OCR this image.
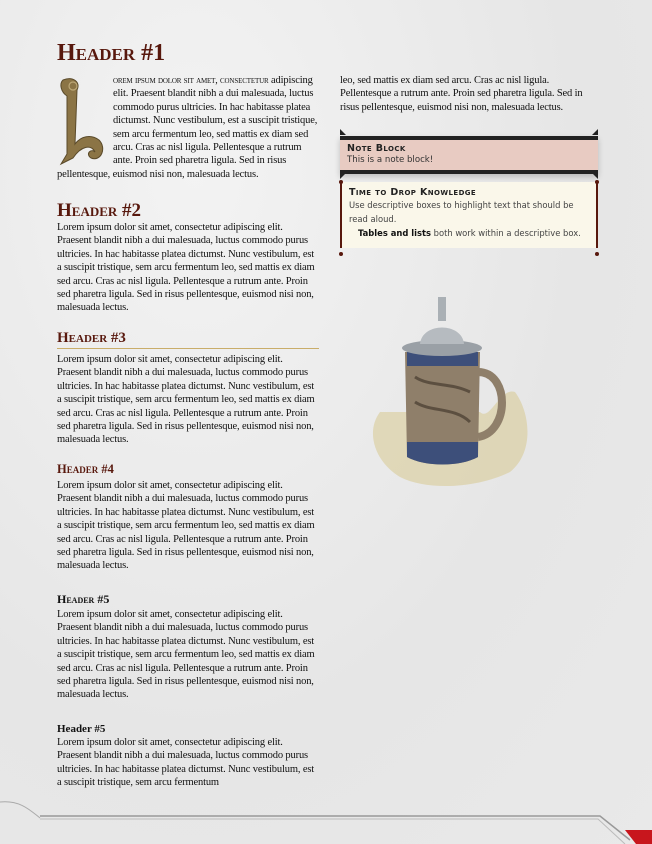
Header #1

orem ipsum dolor sit amet, consectetur adipiscing elit. Praesent blandit nibh a dui malesuada, luctus commodo purus ultricies. In hac habitasse platea dictumst. Nunc vestibulum, est a suscipit tristique, sem arcu fermentum leo, sed mattis ex diam sed arcu. Cras ac nisl ligula. Pellentesque a rutrum ante. Proin sed pharetra ligula. Sed in risus pellentesque, euismod nisi non, malesuada lectus.

Header #2

Lorem ipsum dolor sit amet, consectetur adipiscing elit. Praesent blandit nibh a dui malesuada, luctus commodo purus ultricies. In hac habitasse platea dictumst. Nunc vestibulum, est a suscipit tristique, sem arcu fermentum leo, sed mattis ex diam sed arcu. Cras ac nisl ligula. Pellentesque a rutrum ante. Proin sed pharetra ligula. Sed in risus pellentesque, euismod nisi non, malesuada lectus.

Header #3

Lorem ipsum dolor sit amet, consectetur adipiscing elit. Praesent blandit nibh a dui malesuada, luctus commodo purus ultricies. In hac habitasse platea dictumst. Nunc vestibulum, est a suscipit tristique, sem arcu fermentum leo, sed mattis ex diam sed arcu. Cras ac nisl ligula. Pellentesque a rutrum ante. Proin sed pharetra ligula. Sed in risus pellentesque, euismod nisi non, malesuada lectus.

Header #4

Lorem ipsum dolor sit amet, consectetur adipiscing elit. Praesent blandit nibh a dui malesuada, luctus commodo purus ultricies. In hac habitasse platea dictumst. Nunc vestibulum, est a suscipit tristique, sem arcu fermentum leo, sed mattis ex diam sed arcu. Cras ac nisl ligula. Pellentesque a rutrum ante. Proin sed pharetra ligula. Sed in risus pellentesque, euismod nisi non, malesuada lectus.

Header #5

Lorem ipsum dolor sit amet, consectetur adipiscing elit. Praesent blandit nibh a dui malesuada, luctus commodo purus ultricies. In hac habitasse platea dictumst. Nunc vestibulum, est a suscipit tristique, sem arcu fermentum leo, sed mattis ex diam sed arcu. Cras ac nisl ligula. Pellentesque a rutrum ante. Proin sed pharetra ligula. Sed in risus pellentesque, euismod nisi non, malesuada lectus.

Header #5

Lorem ipsum dolor sit amet, consectetur adipiscing elit. Praesent blandit nibh a dui malesuada, luctus commodo purus ultricies. In hac habitasse platea dictumst. Nunc vestibulum, est a suscipit tristique, sem arcu fermentum

leo, sed mattis ex diam sed arcu. Cras ac nisl ligula. Pellentesque a rutrum ante. Proin sed pharetra ligula. Sed in risus pellentesque, euismod nisi non, malesuada lectus.

Note Block
This is a note block!
Time to Drop Knowledge
Use descriptive boxes to highlight text that should be read aloud.
Tables and lists both work within a descriptive box.
